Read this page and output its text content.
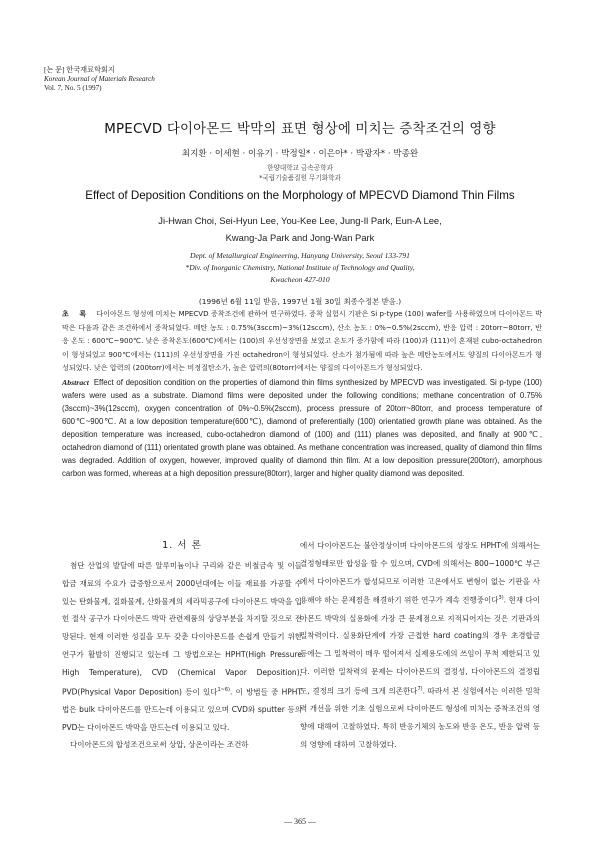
[논 문] 한국재료학회지
Korean Journal of Materials Research
Vol. 7, No. 5 (1997)
MPECVD 다이아몬드 박막의 표면 형상에 미치는 증착조건의 영향
최지환 · 이세현 · 이유기 · 박정일* · 이은아* · 박광자* · 박종완
한양대학교 금속공학과
*국립기술품질원 무기화학과
Effect of Deposition Conditions on the Morphology of MPECVD Diamond Thin Films
Ji-Hwan Choi, Sei-Hyun Lee, You-Kee Lee, Jung-Il Park, Eun-A Lee,
Kwang-Ja Park and Jong-Wan Park
Dept. of Metallurgical Engineering, Hanyang University, Seoul 133-791
*Div. of Inorganic Chemistry, National Institute of Technology and Quality,
Kwacheon 427-010
(1996년 6월 11일 받음, 1997년 1월 30일 최종수정본 받음.)
초 록 다이아몬드 형성에 미치는 MPECVD 증착조건에 관하여 연구하였다. 증착 실험시 기판은 Si p-type (100) wafer를 사용하였으며 다이아몬드 박막은 다음과 같은 조건하에서 증착되었다. 메탄 농도 : 0.75%(3sccm)~3%(12sccm), 산소 농도 : 0%~0.5%(2sccm), 반응 압력 : 20torr~80torr, 반응 온도 : 600℃~900℃. 낮은 증착온도(600℃)에서는 (100)의 우선성장면을 보였고 온도가 증가함에 따라 (100)과 (111)이 혼재된 cubo-octahedron이 형성되었고 900℃에서는 (111)의 우선성장면을 가진 octahedron이 형성되었다. 산소가 첨가됨에 따라 높은 메탄농도에서도 양질의 다이아몬드가 형성되었다. 낮은 압력의 (200torr)에서는 비정질탄소가, 높은 압력의(80torr)에서는 양질의 다이아몬드가 형성되었다.
Abstract Effect of deposition condition on the properties of diamond thin films synthesized by MPECVD was investigated. Si p-type (100) wafers were used as a substrate. Diamond films were deposited under the following conditions; methane concentration of 0.75%(3sccm)~3%(12sccm), oxygen concentration of 0%~0.5%(2sccm), process pressure of 20torr~80torr, and process temperature of 600℃~900℃. At a low deposition temperature(600℃), diamond of preferentially (100) orientatied growth plane was obtained. As the deposition temperature was increased, cubo-octahedron diamond of (100) and (111) planes was deposited, and finally at 900℃, octahedron diamond of (111) orientated growth plane was obtained. As methane concentration was increased, quality of diamond thin films was degraded. Addition of oxygen, however, improved quality of diamond thin film. At a low deposition pressure(200torr), amorphous carbon was formed, whereas at a high deposition pressure(80torr), larger and higher quality diamond was deposited.
1. 서 론

첨단 산업의 발달에 따른 알루미늄이나 구리와 같은 비철금속 및 이들 합금 재료의 수요가 급증함으로서 2000년대에는 이들 재료를 가공할 수 있는 탄화물계, 질화물계, 산화물계의 세라믹공구에 다이아몬드 박막을 입힌 절삭 공구가 다이아몬드 박막 관련제품의 상당부분을 차지할 것으로 전망된다. 현재 이러한 성질을 모두 갖춘 다이아몬드를 손쉽게 만들기 위한 연구가 활발히 진행되고 있는데 그 방법으로는 HPHT(High Pressure High Temperature), CVD (Chemical Vapor Deposition), PVD(Physical Vapor Deposition) 등이 있다$^{1\sim 6)}$. 이 방법들 중 HPHT법은 bulk 다이아몬드를 만드는데 이용되고 있으며 CVD와 sputter 등의 PVD는 다이아몬드 박막을 만드는데 이용되고 있다.

다이아몬드의 합성조건으로써 상압, 상온이라는 조건하

에서 다이아몬드는 불안정상이며 다이아몬드의 성장도 HPHT에 의해서는 결정형태로만 합성을 할 수 있으며, CVD에 의해서는 800~1000℃ 부근에서 다이아몬드가 합성되므로 이러한 고온에서도 변형이 없는 기판을 사용해야 하는 문제점을 해결하기 위한 연구가 계속 진행중이다$^{3)}$. 현재 다이아몬드 박막의 실용화에 가장 큰 문제점으로 지적되어지는 것은 기판과의 밀착력이다. 실용화단계에 가장 근접한 hard coating의 경우 초경합금 등에는 그 밀착력이 매우 떨어져서 실제용도에의 쓰임이 무척 제한되고 있다. 이러한 밀착력의 문제는 다이아몬드의 결정성, 다이아몬드의 결정립도, 결정의 크기 등에 크게 의존한다$^{7)}$. 따라서 본 실험에서는 이러한 밀착력 개선을 위한 기초 실험으로써 다이아몬드 형성에 미치는 증착조건의 영향에 대해여 고찰하였다. 특히 반응기체의 농도와 반응 온도, 반응 압력 등의 영향에 대하여 고찰하였다.

— 365 —
